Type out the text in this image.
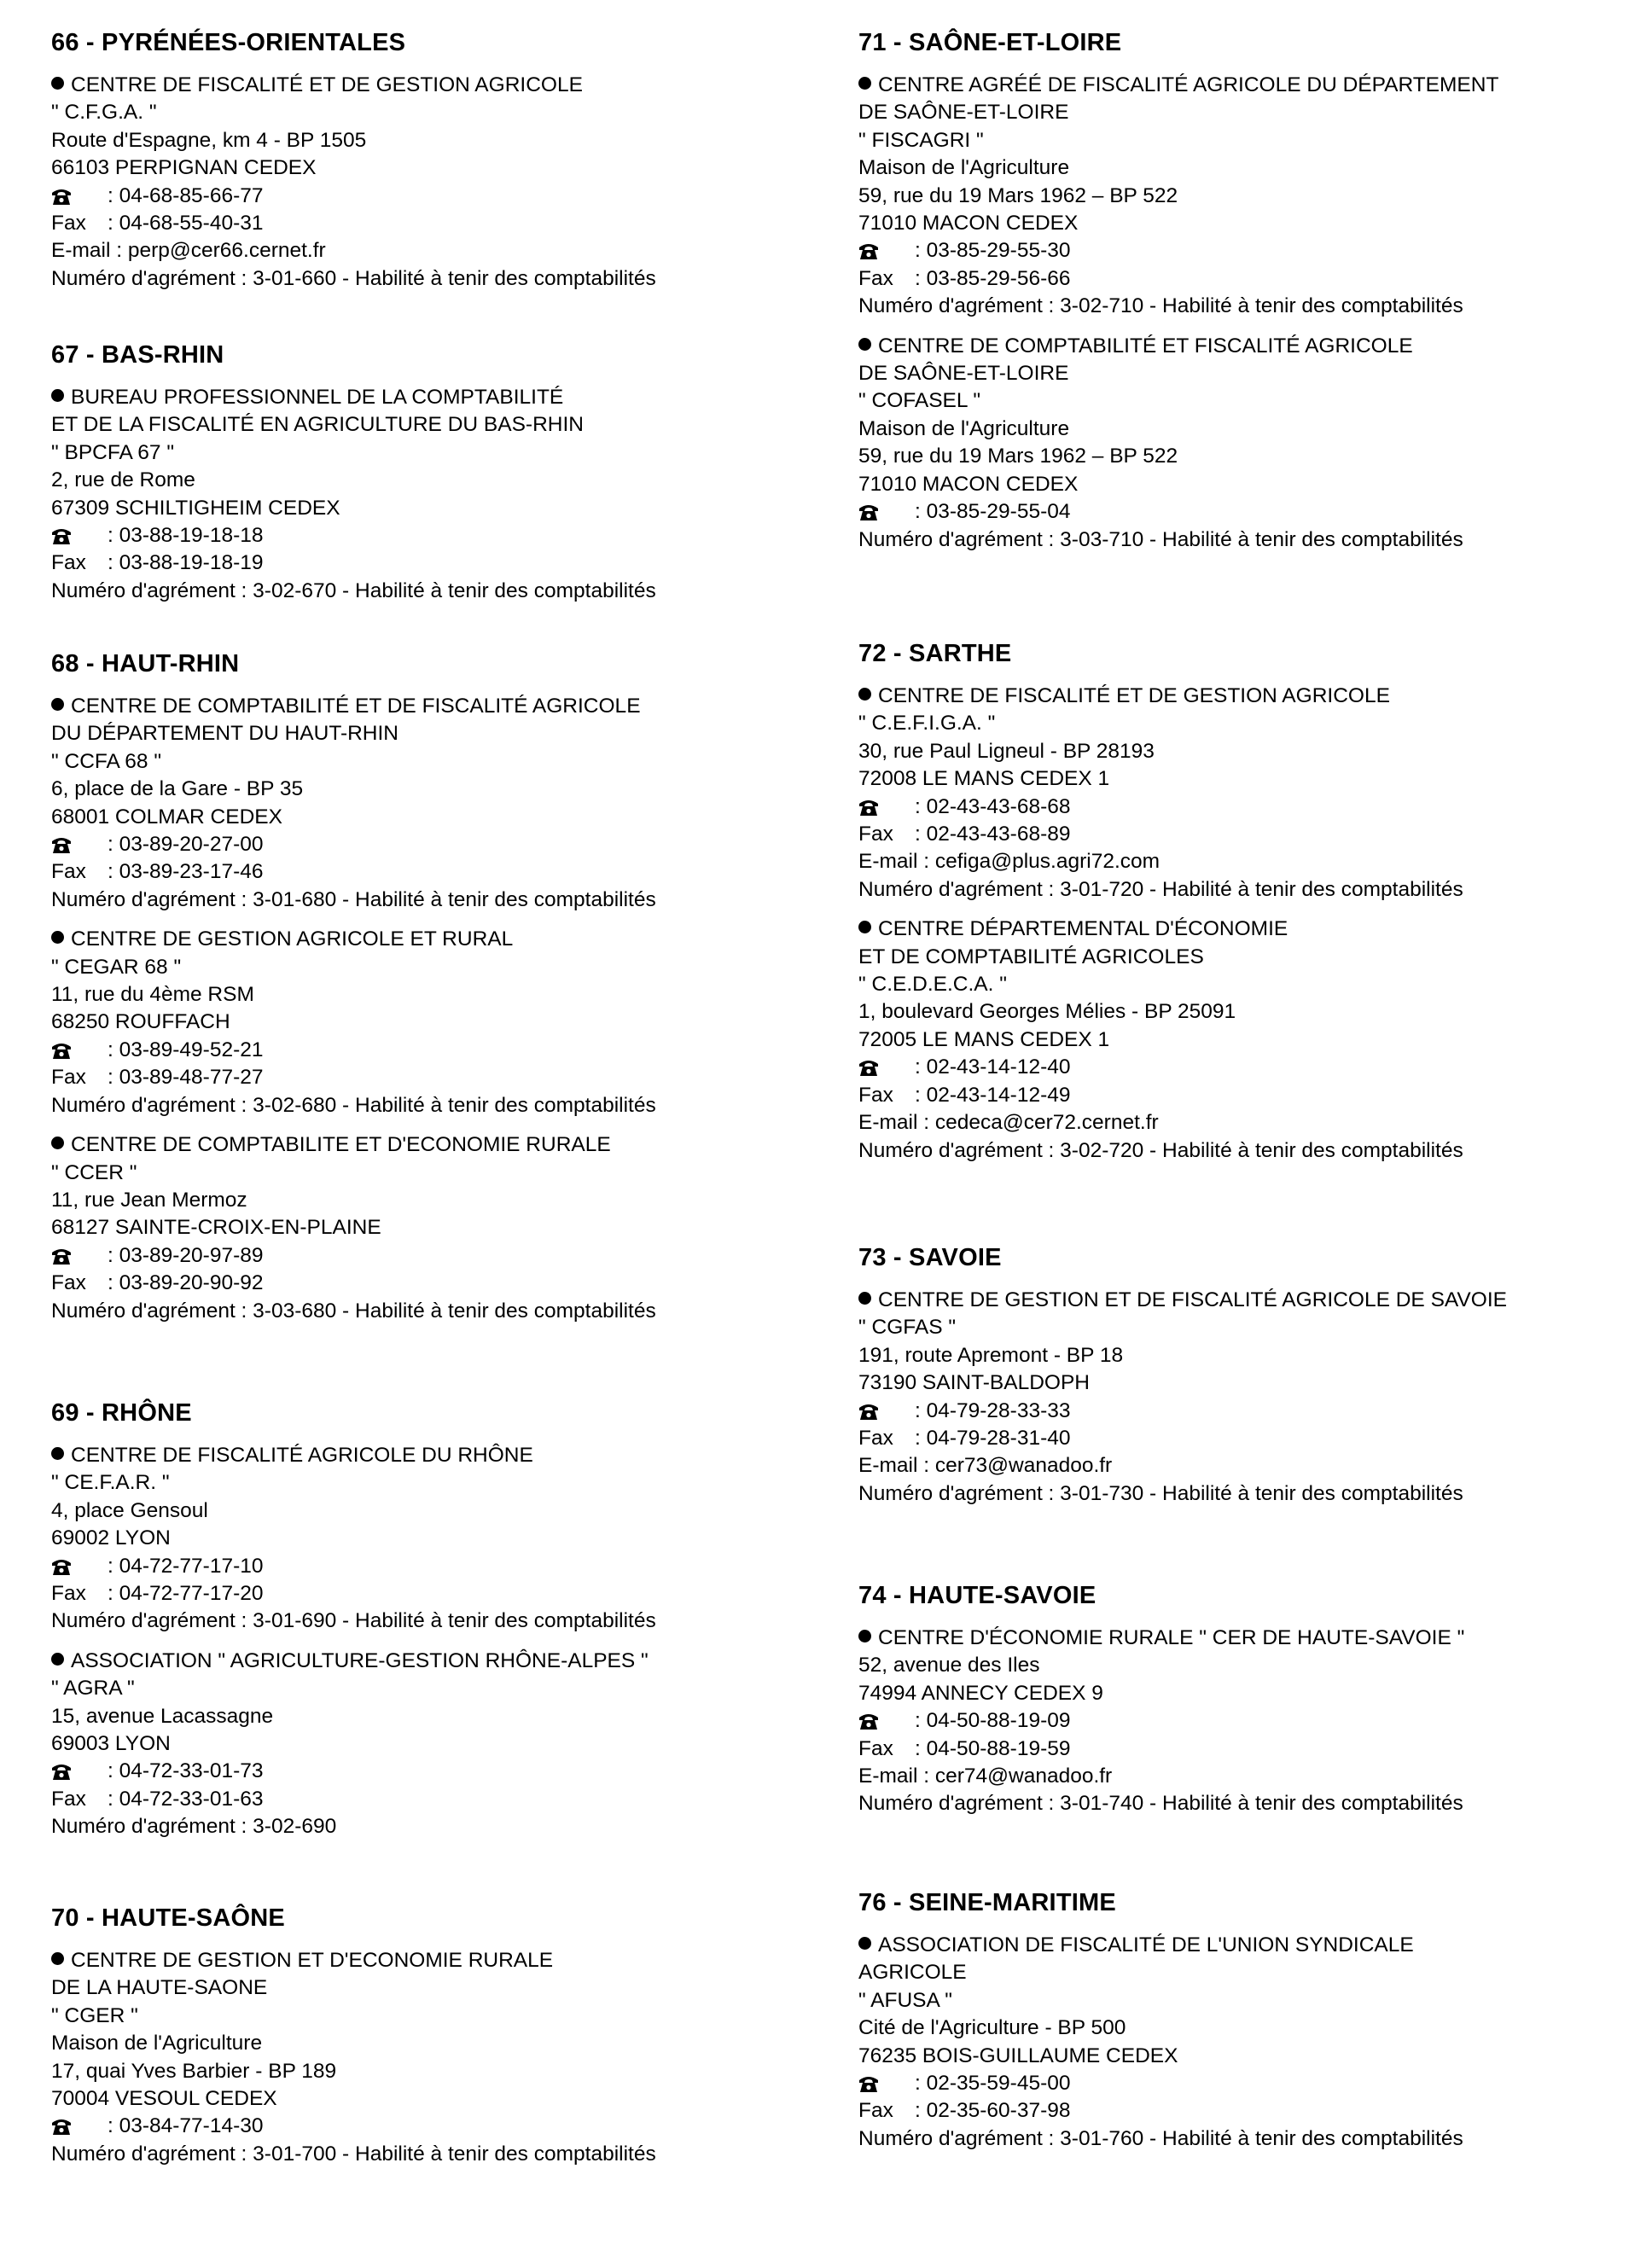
66 - PYRÉNÉES-ORIENTALES
CENTRE DE FISCALITÉ ET DE GESTION AGRICOLE
" C.F.G.A. "
Route d'Espagne, km 4 - BP 1505
66103 PERPIGNAN CEDEX
: 04-68-85-66-77
Fax : 04-68-55-40-31
E-mail : perp@cer66.cernet.fr
Numéro d'agrément : 3-01-660 - Habilité à tenir des comptabilités
67 - BAS-RHIN
BUREAU PROFESSIONNEL DE LA COMPTABILITÉ
ET DE LA FISCALITÉ EN AGRICULTURE DU BAS-RHIN
" BPCFA 67 "
2, rue de Rome
67309 SCHILTIGHEIM CEDEX
: 03-88-19-18-18
Fax : 03-88-19-18-19
Numéro d'agrément : 3-02-670 - Habilité à tenir des comptabilités
68 - HAUT-RHIN
CENTRE DE COMPTABILITÉ ET DE FISCALITÉ AGRICOLE
DU DÉPARTEMENT DU HAUT-RHIN
" CCFA 68 "
6, place de la Gare - BP 35
68001 COLMAR CEDEX
: 03-89-20-27-00
Fax : 03-89-23-17-46
Numéro d'agrément : 3-01-680 - Habilité à tenir des comptabilités
CENTRE DE GESTION AGRICOLE ET RURAL
" CEGAR 68 "
11, rue du 4ème RSM
68250 ROUFFACH
: 03-89-49-52-21
Fax : 03-89-48-77-27
Numéro d'agrément : 3-02-680 - Habilité à tenir des comptabilités
CENTRE DE COMPTABILITE ET D'ECONOMIE RURALE
" CCER "
11, rue Jean Mermoz
68127 SAINTE-CROIX-EN-PLAINE
: 03-89-20-97-89
Fax : 03-89-20-90-92
Numéro d'agrément : 3-03-680 - Habilité à tenir des comptabilités
69 - RHÔNE
CENTRE DE FISCALITÉ AGRICOLE DU RHÔNE
" CE.F.A.R. "
4, place Gensoul
69002 LYON
: 04-72-77-17-10
Fax : 04-72-77-17-20
Numéro d'agrément : 3-01-690 - Habilité à tenir des comptabilités
ASSOCIATION " AGRICULTURE-GESTION RHÔNE-ALPES "
" AGRA "
15, avenue Lacassagne
69003 LYON
: 04-72-33-01-73
Fax : 04-72-33-01-63
Numéro d'agrément : 3-02-690
70 - HAUTE-SAÔNE
CENTRE DE GESTION ET D'ECONOMIE RURALE
DE LA HAUTE-SAONE
" CGER "
Maison de l'Agriculture
17, quai Yves Barbier - BP 189
70004 VESOUL CEDEX
: 03-84-77-14-30
Numéro d'agrément : 3-01-700 - Habilité à tenir des comptabilités
71 - SAÔNE-ET-LOIRE
CENTRE AGRÉÉ DE FISCALITÉ AGRICOLE DU DÉPARTEMENT
DE SAÔNE-ET-LOIRE
" FISCAGRI "
Maison de l'Agriculture
59, rue du 19 Mars 1962 – BP 522
71010 MACON CEDEX
: 03-85-29-55-30
Fax : 03-85-29-56-66
Numéro d'agrément : 3-02-710 - Habilité à tenir des comptabilités
CENTRE DE COMPTABILITÉ ET FISCALITÉ AGRICOLE
DE SAÔNE-ET-LOIRE
" COFASEL "
Maison de l'Agriculture
59, rue du 19 Mars 1962 – BP 522
71010 MACON CEDEX
: 03-85-29-55-04
Numéro d'agrément : 3-03-710 - Habilité à tenir des comptabilités
72 - SARTHE
CENTRE DE FISCALITÉ ET DE GESTION AGRICOLE
" C.E.F.I.G.A. "
30, rue Paul Ligneul - BP 28193
72008 LE MANS CEDEX 1
: 02-43-43-68-68
Fax : 02-43-43-68-89
E-mail : cefiga@plus.agri72.com
Numéro d'agrément : 3-01-720 - Habilité à tenir des comptabilités
CENTRE DÉPARTEMENTAL D'ÉCONOMIE
ET DE COMPTABILITÉ AGRICOLES
" C.E.D.E.C.A. "
1, boulevard Georges Mélies - BP 25091
72005 LE MANS CEDEX 1
: 02-43-14-12-40
Fax : 02-43-14-12-49
E-mail : cedeca@cer72.cernet.fr
Numéro d'agrément : 3-02-720 - Habilité à tenir des comptabilités
73 - SAVOIE
CENTRE DE GESTION ET DE FISCALITÉ AGRICOLE DE SAVOIE
" CGFAS "
191, route Apremont - BP 18
73190 SAINT-BALDOPH
: 04-79-28-33-33
Fax : 04-79-28-31-40
E-mail : cer73@wanadoo.fr
Numéro d'agrément : 3-01-730 - Habilité à tenir des comptabilités
74 - HAUTE-SAVOIE
CENTRE D'ÉCONOMIE RURALE " CER DE HAUTE-SAVOIE "
52, avenue des Iles
74994 ANNECY CEDEX 9
: 04-50-88-19-09
Fax : 04-50-88-19-59
E-mail : cer74@wanadoo.fr
Numéro d'agrément : 3-01-740 - Habilité à tenir des comptabilités
76 - SEINE-MARITIME
ASSOCIATION DE FISCALITÉ DE L'UNION SYNDICALE
AGRICOLE
" AFUSA "
Cité de l'Agriculture - BP 500
76235 BOIS-GUILLAUME CEDEX
: 02-35-59-45-00
Fax : 02-35-60-37-98
Numéro d'agrément : 3-01-760 - Habilité à tenir des comptabilités
